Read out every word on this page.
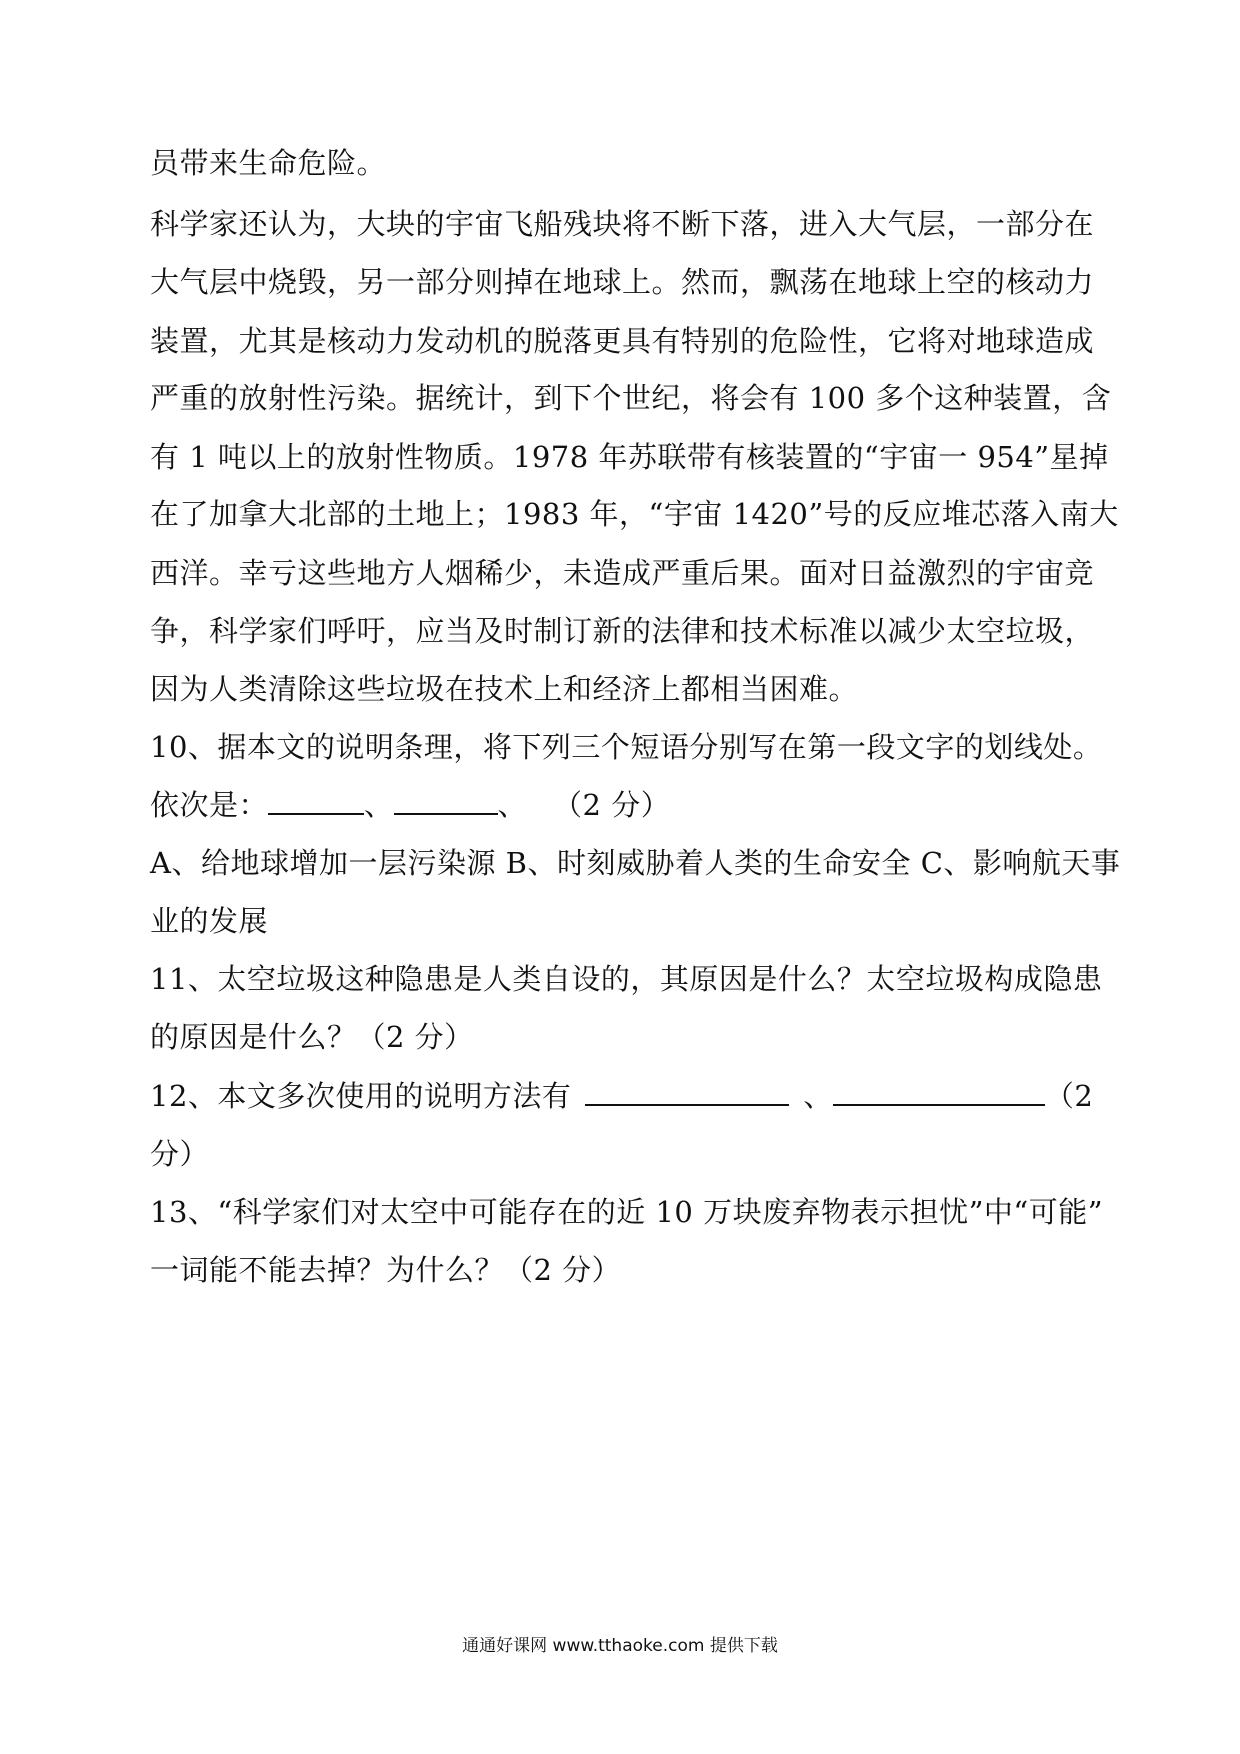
员带来生命危险。
科学家还认为，大块的宇宙飞船残块将不断下落，进入大气层，一部分在
大气层中烧毁，另一部分则掉在地球上。然而，飘荡在地球上空的核动力
装置，尤其是核动力发动机的脱落更具有特别的危险性，它将对地球造成
严重的放射性污染。据统计，到下个世纪，将会有 100 多个这种装置，含
有 1 吨以上的放射性物质。1978 年苏联带有核装置的“宇宙一 954”星掉
在了加拿大北部的土地上；1983 年，“宇宙 1420”号的反应堆芯落入南大
西洋。幸亏这些地方人烟稀少，未造成严重后果。面对日益激烈的宇宙竞
争，科学家们呼吁，应当及时制订新的法律和技术标准以减少太空垃圾，
因为人类清除这些垃圾在技术上和经济上都相当困难。
10、据本文的说明条理，将下列三个短语分别写在第一段文字的划线处。
依次是：	、	、 （2 分）
A、给地球增加一层污染源 B、时刻威胁着人类的生命安全 C、影响航天事
业的发展
11、太空垃圾这种隐患是人类自设的，其原因是什么？太空垃圾构成隐患
的原因是什么？（2 分）
12、本文多次使用的说明方法有	、	（2
分）
13、“科学家们对太空中可能存在的近 10 万块废弃物表示担忧”中“可能”
一词能不能去掉？为什么？（2 分）
通通好课网 www.tthaoke.com 提供下载
